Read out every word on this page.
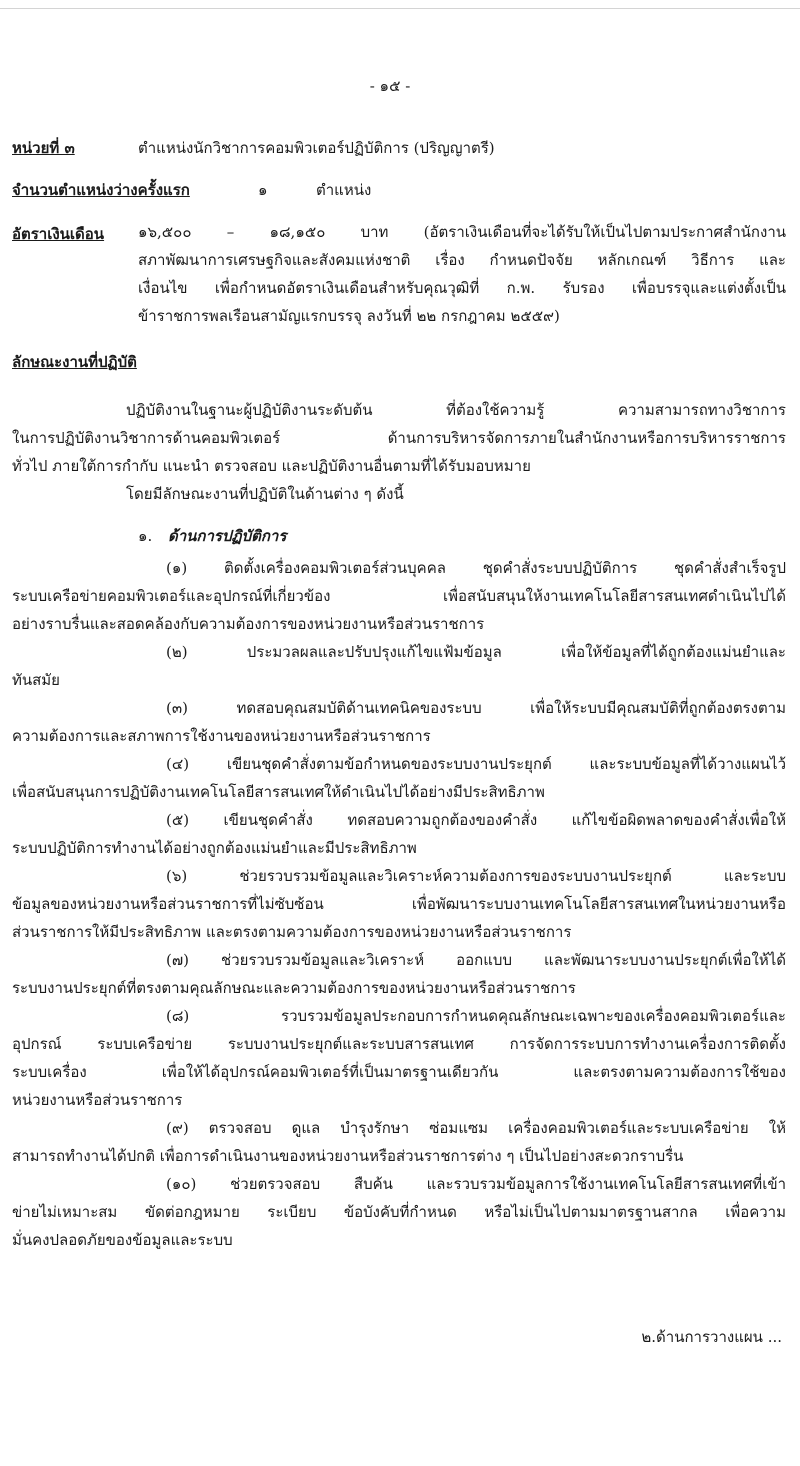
- ๑๕ -
หน่วยที่ ๓	ตำแหน่งนักวิชาการคอมพิวเตอร์ปฏิบัติการ (ปริญญาตรี)
จำนวนตำแหน่งว่างครั้งแรก	๑	ตำแหน่ง
อัตราเงินเดือน ๑๖,๕๐๐ – ๑๘,๑๕๐ บาท (อัตราเงินเดือนที่จะได้รับให้เป็นไปตามประกาศสำนักงาน
สภาพัฒนาการเศรษฐกิจและสังคมแห่งชาติ เรื่อง กำหนดปัจจัย หลักเกณฑ์ วิธีการ และ
เงื่อนไข เพื่อกำหนดอัตราเงินเดือนสำหรับคุณวุฒิที่ ก.พ. รับรอง เพื่อบรรจุและแต่งตั้งเป็น
ข้าราชการพลเรือนสามัญแรกบรรจุ ลงวันที่ ๒๒ กรกฎาคม ๒๕๕๙)
ลักษณะงานที่ปฏิบัติ
ปฏิบัติงานในฐานะผู้ปฏิบัติงานระดับต้น ที่ต้องใช้ความรู้ ความสามารถทางวิชาการ
ในการปฏิบัติงานวิชาการด้านคอมพิวเตอร์ ด้านการบริหารจัดการภายในสำนักงานหรือการบริหารราชการ
ทั่วไป ภายใต้การกำกับ แนะนำ ตรวจสอบ และปฏิบัติงานอื่นตามที่ได้รับมอบหมาย
โดยมีลักษณะงานที่ปฏิบัติในด้านต่าง ๆ ดังนี้
๑. ด้านการปฏิบัติการ
(๑) ติดตั้งเครื่องคอมพิวเตอร์ส่วนบุคคล ชุดคำสั่งระบบปฏิบัติการ ชุดคำสั่งสำเร็จรูป
ระบบเครือข่ายคอมพิวเตอร์และอุปกรณ์ที่เกี่ยวข้อง เพื่อสนับสนุนให้งานเทคโนโลยีสารสนเทศดำเนินไปได้
อย่างราบรื่นและสอดคล้องกับความต้องการของหน่วยงานหรือส่วนราชการ
(๒) ประมวลผลและปรับปรุงแก้ไขแฟ้มข้อมูล เพื่อให้ข้อมูลที่ได้ถูกต้องแม่นยำและ
ทันสมัย
(๓) ทดสอบคุณสมบัติด้านเทคนิคของระบบ เพื่อให้ระบบมีคุณสมบัติที่ถูกต้องตรงตาม
ความต้องการและสภาพการใช้งานของหน่วยงานหรือส่วนราชการ
(๔) เขียนชุดคำสั่งตามข้อกำหนดของระบบงานประยุกต์ และระบบข้อมูลที่ได้วางแผนไว้
เพื่อสนับสนุนการปฏิบัติงานเทคโนโลยีสารสนเทศให้ดำเนินไปได้อย่างมีประสิทธิภาพ
(๕) เขียนชุดคำสั่ง ทดสอบความถูกต้องของคำสั่ง แก้ไขข้อผิดพลาดของคำสั่งเพื่อให้
ระบบปฏิบัติการทำงานได้อย่างถูกต้องแม่นยำและมีประสิทธิภาพ
(๖) ช่วยรวบรวมข้อมูลและวิเคราะห์ความต้องการของระบบงานประยุกต์ และระบบ
ข้อมูลของหน่วยงานหรือส่วนราชการที่ไม่ซับซ้อน เพื่อพัฒนาระบบงานเทคโนโลยีสารสนเทศในหน่วยงานหรือ
ส่วนราชการให้มีประสิทธิภาพ และตรงตามความต้องการของหน่วยงานหรือส่วนราชการ
(๗) ช่วยรวบรวมข้อมูลและวิเคราะห์ ออกแบบ และพัฒนาระบบงานประยุกต์เพื่อให้ได้
ระบบงานประยุกต์ที่ตรงตามคุณลักษณะและความต้องการของหน่วยงานหรือส่วนราชการ
(๘) รวบรวมข้อมูลประกอบการกำหนดคุณลักษณะเฉพาะของเครื่องคอมพิวเตอร์และ
อุปกรณ์ ระบบเครือข่าย ระบบงานประยุกต์และระบบสารสนเทศ การจัดการระบบการทำงานเครื่องการติดตั้ง
ระบบเครื่อง เพื่อให้ได้อุปกรณ์คอมพิวเตอร์ที่เป็นมาตรฐานเดียวกัน และตรงตามความต้องการใช้ของ
หน่วยงานหรือส่วนราชการ
(๙) ตรวจสอบ ดูแล บำรุงรักษา ซ่อมแซม เครื่องคอมพิวเตอร์และระบบเครือข่าย ให้
สามารถทำงานได้ปกติ เพื่อการดำเนินงานของหน่วยงานหรือส่วนราชการต่าง ๆ เป็นไปอย่างสะดวกราบรื่น
(๑๐) ช่วยตรวจสอบ สืบค้น และรวบรวมข้อมูลการใช้งานเทคโนโลยีสารสนเทศที่เข้า
ข่ายไม่เหมาะสม ขัดต่อกฎหมาย ระเบียบ ข้อบังคับที่กำหนด หรือไม่เป็นไปตามมาตรฐานสากล เพื่อความ
มั่นคงปลอดภัยของข้อมูลและระบบ
๒.ด้านการวางแผน ...
